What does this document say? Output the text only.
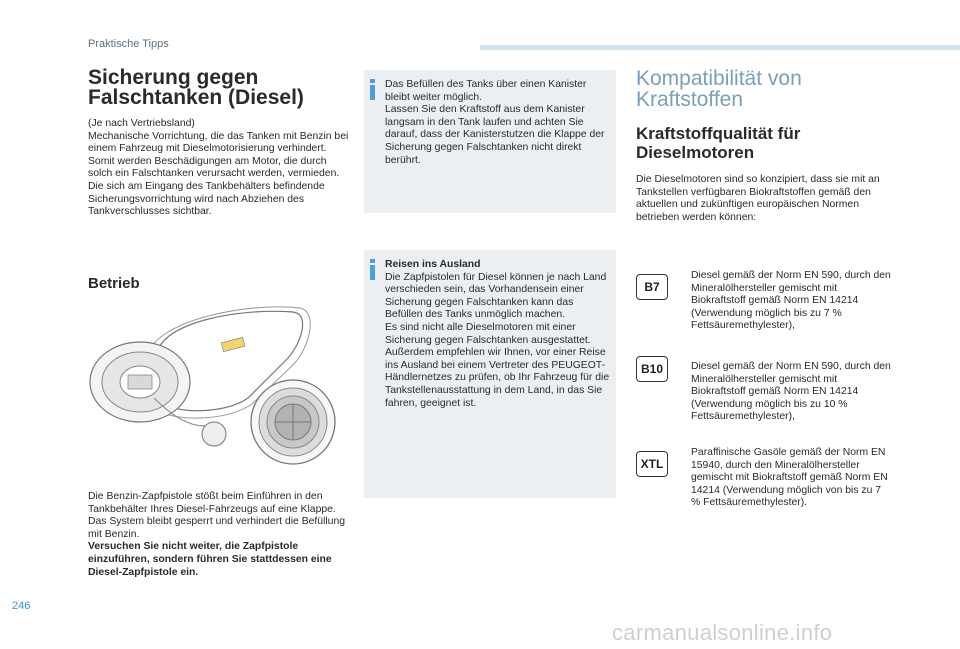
Praktische Tipps
Sicherung gegen
Falschtanken (Diesel)
(Je nach Vertriebsland)
Mechanische Vorrichtung, die das Tanken mit Benzin bei einem Fahrzeug mit Dieselmotorisierung verhindert. Somit werden Beschädigungen am Motor, die durch solch ein Falschtanken verursacht werden, vermieden.
Die sich am Eingang des Tankbehälters befindende Sicherungsvorrichtung wird nach Abziehen des Tankverschlusses sichtbar.
Betrieb
Die Benzin-Zapfpistole stößt beim Einführen in den Tankbehälter Ihres Diesel-Fahrzeugs auf eine Klappe. Das System bleibt gesperrt und verhindert die Befüllung mit Benzin.
Versuchen Sie nicht weiter, die Zapfpistole einzuführen, sondern führen Sie stattdessen eine Diesel-Zapfpistole ein.
Das Befüllen des Tanks über einen Kanister bleibt weiter möglich.
Lassen Sie den Kraftstoff aus dem Kanister langsam in den Tank laufen und achten Sie darauf, dass der Kanisterstutzen die Klappe der Sicherung gegen Falschtanken nicht direkt berührt.
Reisen ins Ausland
Die Zapfpistolen für Diesel können je nach Land verschieden sein, das Vorhandensein einer Sicherung gegen Falschtanken kann das Befüllen des Tanks unmöglich machen.
Es sind nicht alle Dieselmotoren mit einer Sicherung gegen Falschtanken ausgestattet. Außerdem empfehlen wir Ihnen, vor einer Reise ins Ausland bei einem Vertreter des PEUGEOT-Händlernetzes zu prüfen, ob Ihr Fahrzeug für die Tankstellenausstattung in dem Land, in das Sie fahren, geeignet ist.
Kompatibilität von
Kraftstoffen
Kraftstoffqualität für
Dieselmotoren
Die Dieselmotoren sind so konzipiert, dass sie mit an Tankstellen verfügbaren Biokraftstoffen gemäß den aktuellen und zukünftigen europäischen Normen betrieben werden können:
B7
Diesel gemäß der Norm EN 590, durch den Mineralölhersteller gemischt mit Biokraftstoff gemäß Norm EN 14214 (Verwendung möglich bis zu 7 % Fettsäuremethylester),
B10	Diesel gemäß der Norm EN 590, durch den Mineralölhersteller gemischt mit Biokraftstoff gemäß Norm EN 14214 (Verwendung möglich bis zu 10 % Fettsäuremethylester),
XTL
Paraffinische Gasöle gemäß der Norm EN 15940, durch den Mineralölhersteller gemischt mit Biokraftstoff gemäß Norm EN 14214 (Verwendung möglich von bis zu 7 % Fettsäuremethylester).
246
carmanualsonline.info
